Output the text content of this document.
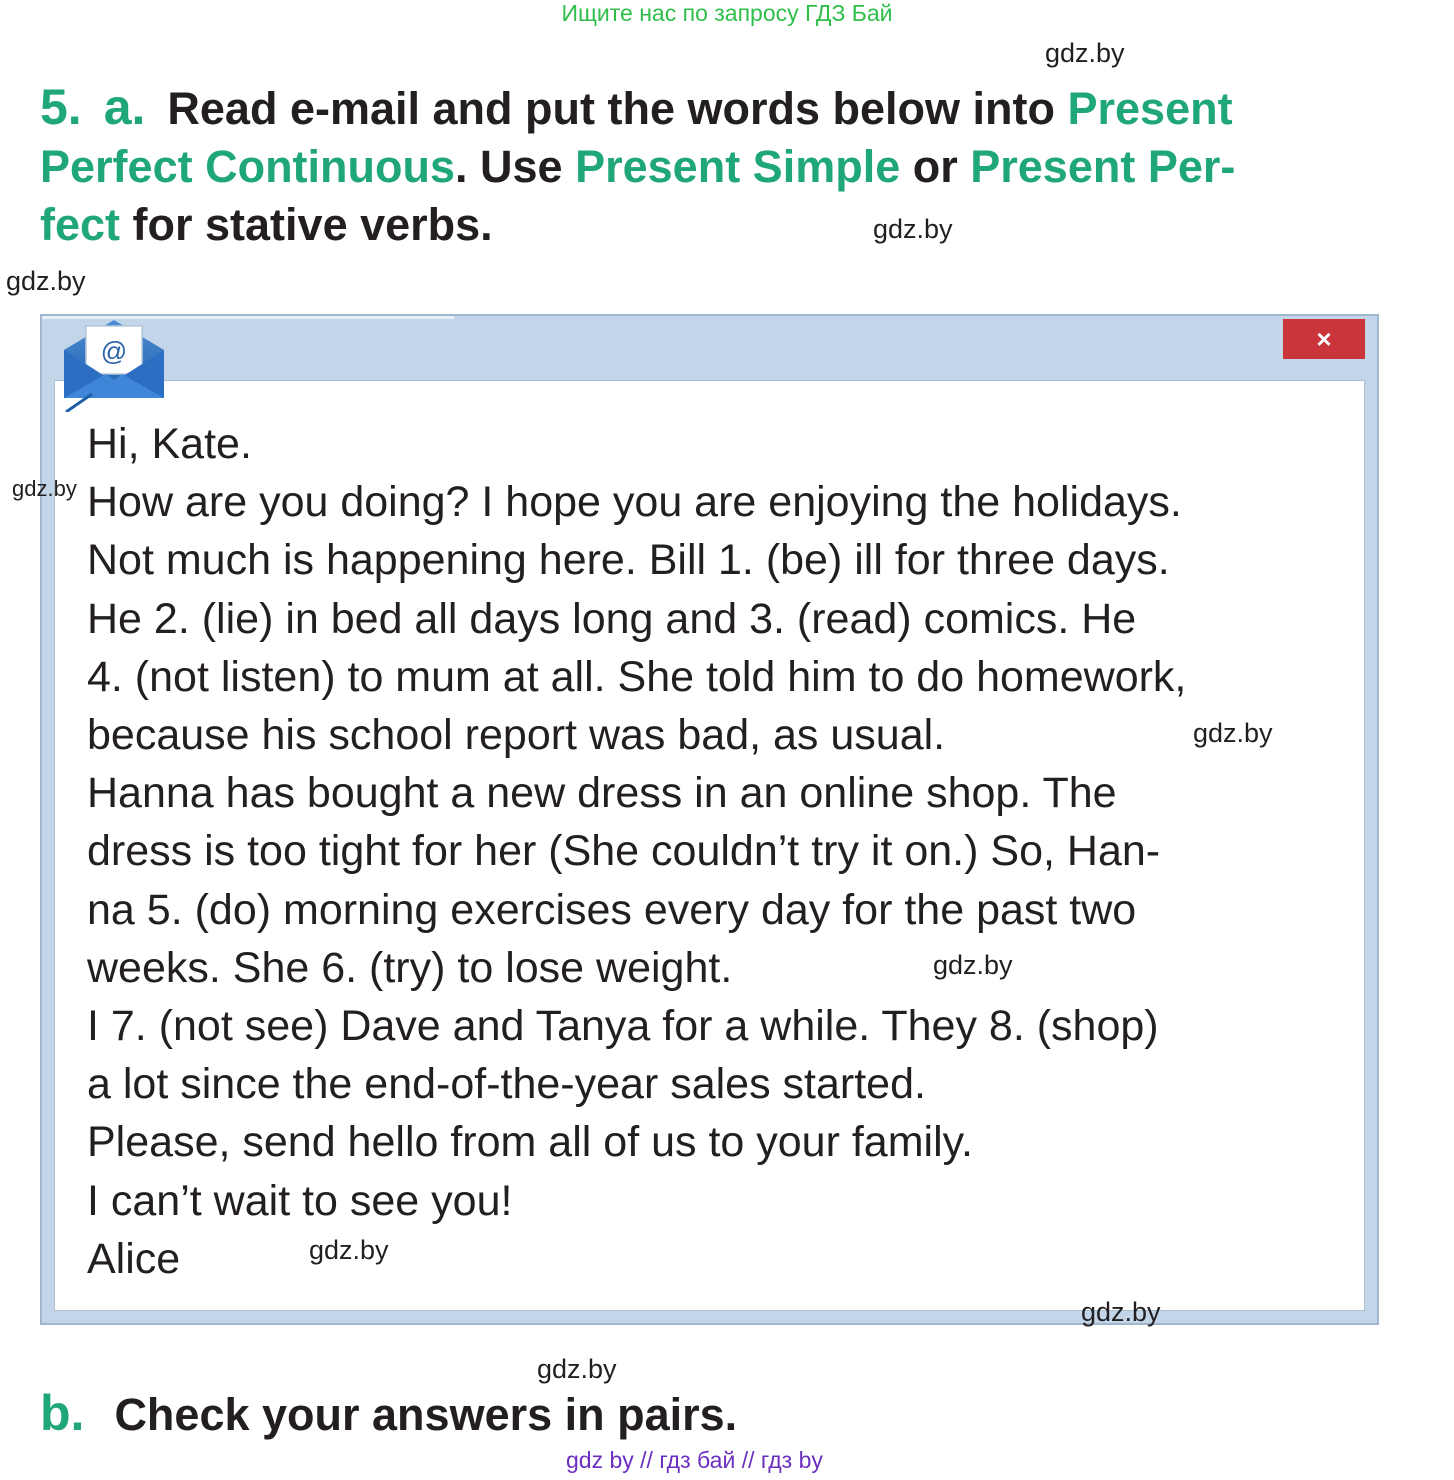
Ищите нас по запросу ГДЗ Бай
gdz.by
5. a. Read e-mail and put the words below into Present
Perfect Continuous. Use Present Simple or Present Per-
fect for stative verbs.	gdz.by
gdz.by
×
@
Hi, Kate.
How are you doing? I hope you are enjoying the holidays.
Not much is happening here. Bill 1. (be) ill for three days.
He 2. (lie) in bed all days long and 3. (read) comics. He
4. (not listen) to mum at all. She told him to do homework,
because his school report was bad, as usual.
Hanna has bought a new dress in an online shop. The
dress is too tight for her (She couldn’t try it on.) So, Han-
na 5. (do) morning exercises every day for the past two
weeks. She 6. (try) to lose weight.
I 7. (not see) Dave and Tanya for a while. They 8. (shop)
a lot since the end-of-the-year sales started.
Please, send hello from all of us to your family.
I can’t wait to see you!
Alice
gdz.by
gdz.by
gdz.by
gdz.by
gdz.by
gdz.by
b. Check your answers in pairs.
gdz by // гдз бай // гдз by
